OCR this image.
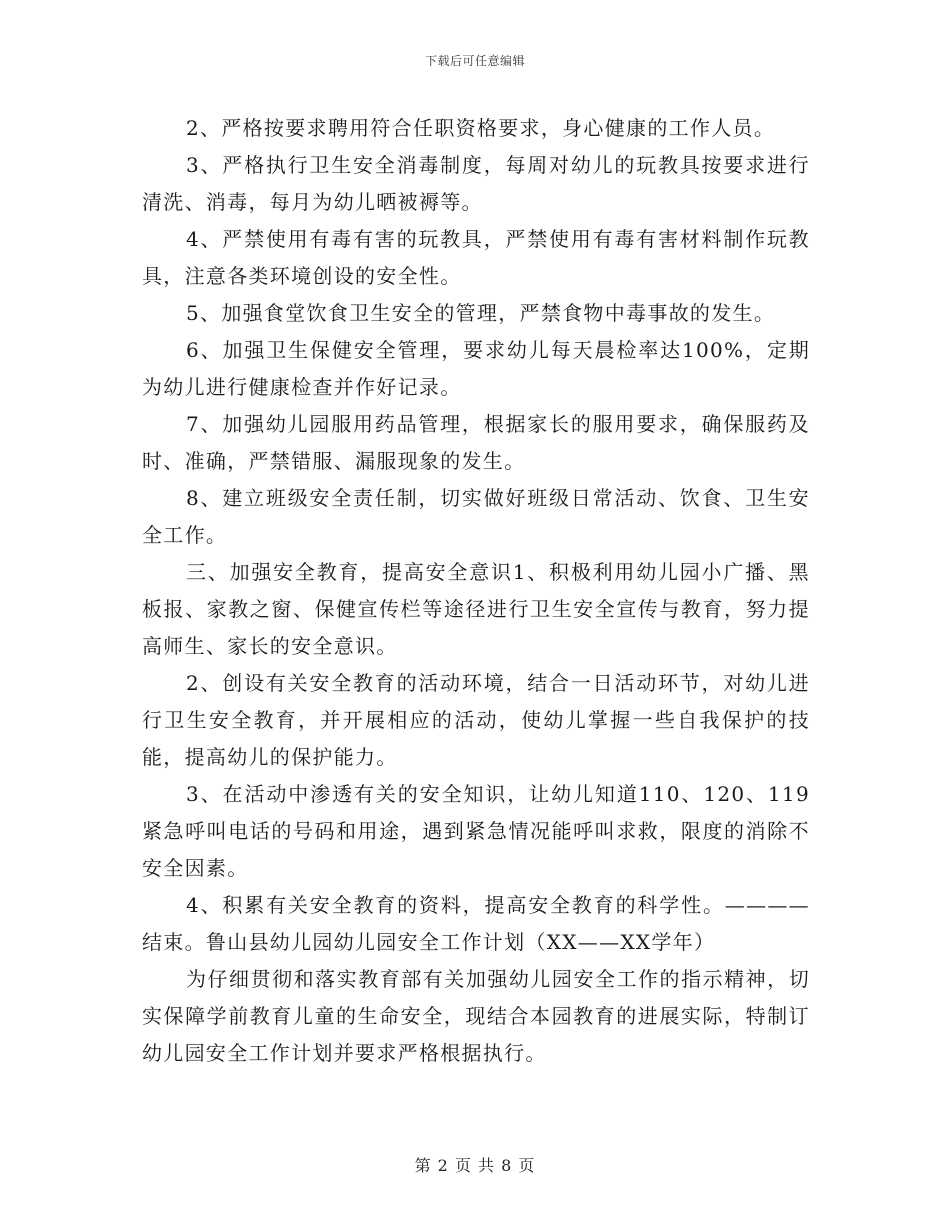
下载后可任意编辑

2、严格按要求聘用符合任职资格要求，身心健康的工作人员。

3、严格执行卫生安全消毒制度，每周对幼儿的玩教具按要求进行清洗、消毒，每月为幼儿晒被褥等。

4、严禁使用有毒有害的玩教具，严禁使用有毒有害材料制作玩教具，注意各类环境创设的安全性。

5、加强食堂饮食卫生安全的管理，严禁食物中毒事故的发生。

6、加强卫生保健安全管理，要求幼儿每天晨检率达100%，定期为幼儿进行健康检查并作好记录。

7、加强幼儿园服用药品管理，根据家长的服用要求，确保服药及时、准确，严禁错服、漏服现象的发生。

8、建立班级安全责任制，切实做好班级日常活动、饮食、卫生安全工作。

三、加强安全教育，提高安全意识1、积极利用幼儿园小广播、黑板报、家教之窗、保健宣传栏等途径进行卫生安全宣传与教育，努力提高师生、家长的安全意识。

2、创设有关安全教育的活动环境，结合一日活动环节，对幼儿进行卫生安全教育，并开展相应的活动，使幼儿掌握一些自我保护的技能，提高幼儿的保护能力。

3、在活动中渗透有关的安全知识，让幼儿知道110、120、119紧急呼叫电话的号码和用途，遇到紧急情况能呼叫求救，限度的消除不安全因素。

4、积累有关安全教育的资料，提高安全教育的科学性。————结束。鲁山县幼儿园幼儿园安全工作计划（XX——XX学年）

为仔细贯彻和落实教育部有关加强幼儿园安全工作的指示精神，切实保障学前教育儿童的生命安全，现结合本园教育的进展实际，特制订幼儿园安全工作计划并要求严格根据执行。

第 2 页 共 8 页
